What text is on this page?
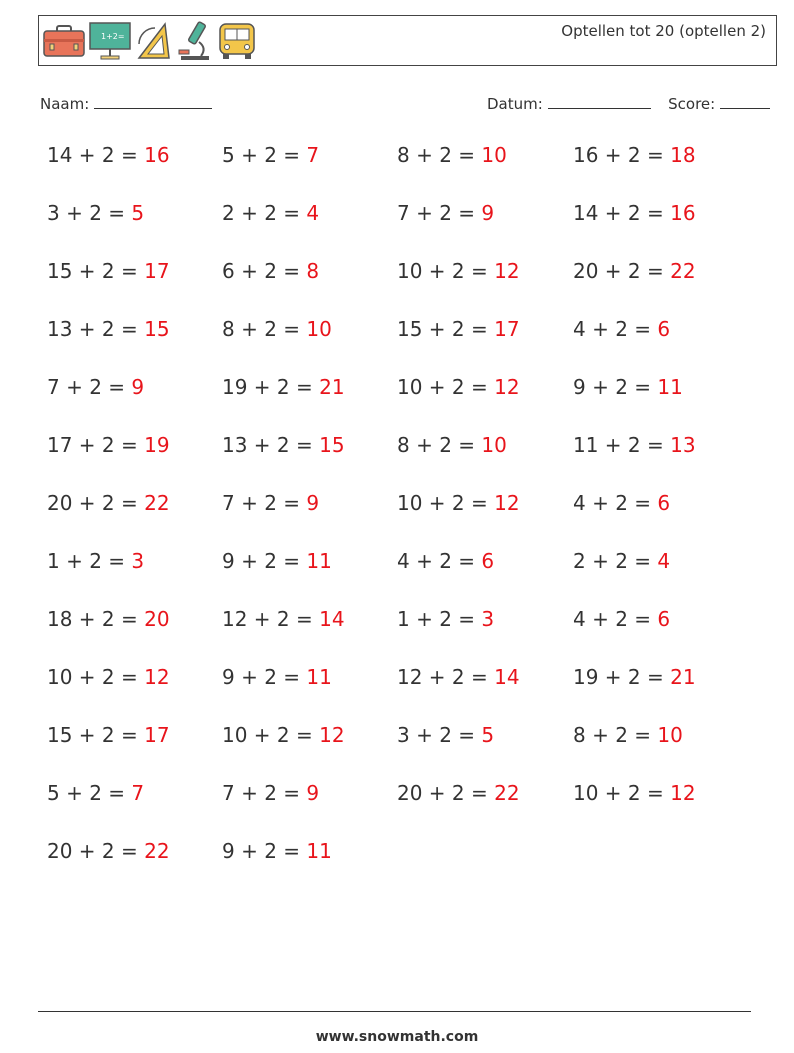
1+2=	Optellen tot 20 (optellen 2)
Naam:	Datum:	Score:
14 + 2 = 16	5 + 2 = 7	8 + 2 = 10	16 + 2 = 18
3 + 2 = 5	2 + 2 = 4	7 + 2 = 9	14 + 2 = 16
15 + 2 = 17	6 + 2 = 8	10 + 2 = 12	20 + 2 = 22
13 + 2 = 15	8 + 2 = 10	15 + 2 = 17	4 + 2 = 6
7 + 2 = 9	19 + 2 = 21	10 + 2 = 12	9 + 2 = 11
17 + 2 = 19	13 + 2 = 15	8 + 2 = 10	11 + 2 = 13
20 + 2 = 22	7 + 2 = 9	10 + 2 = 12	4 + 2 = 6
1 + 2 = 3	9 + 2 = 11	4 + 2 = 6	2 + 2 = 4
18 + 2 = 20	12 + 2 = 14	1 + 2 = 3	4 + 2 = 6
10 + 2 = 12	9 + 2 = 11	12 + 2 = 14	19 + 2 = 21
15 + 2 = 17	10 + 2 = 12	3 + 2 = 5	8 + 2 = 10
5 + 2 = 7	7 + 2 = 9	20 + 2 = 22	10 + 2 = 12
20 + 2 = 22	9 + 2 = 11
www.snowmath.com
